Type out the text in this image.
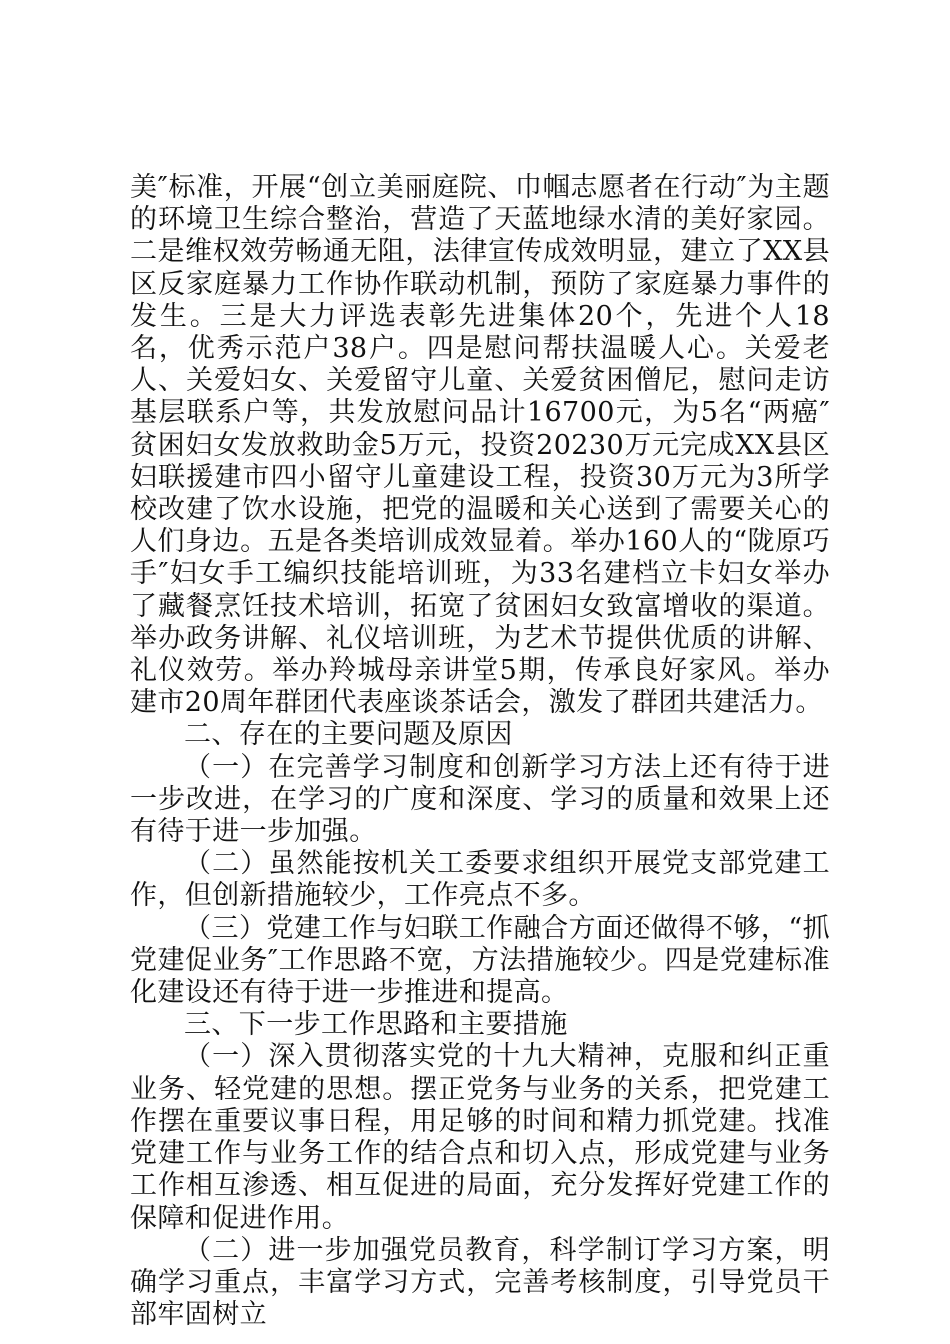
美″标准，开展“创立美丽庭院、巾帼志愿者在行动″为主题的环境卫生综合整治，营造了天蓝地绿水清的美好家园。二是维权效劳畅通无阻，法律宣传成效明显，建立了XX县区反家庭暴力工作协作联动机制，预防了家庭暴力事件的发生。三是大力评选表彰先进集体20个，先进个人18名，优秀示范户38户。四是慰问帮扶温暖人心。关爱老人、关爱妇女、关爱留守儿童、关爱贫困僧尼，慰问走访基层联系户等，共发放慰问品计16700元，为5名“两癌″贫困妇女发放救助金5万元，投资20230万元完成XX县区妇联援建市四小留守儿童建设工程，投资30万元为3所学校改建了饮水设施，把党的温暖和关心送到了需要关心的人们身边。五是各类培训成效显着。举办160人的“陇原巧手″妇女手工编织技能培训班，为33名建档立卡妇女举办了藏餐烹饪技术培训，拓宽了贫困妇女致富增收的渠道。举办政务讲解、礼仪培训班，为艺术节提供优质的讲解、礼仪效劳。举办羚城母亲讲堂5期，传承良好家风。举办建市20周年群团代表座谈茶话会，激发了群团共建活力。

二、存在的主要问题及原因

（一）在完善学习制度和创新学习方法上还有待于进一步改进，在学习的广度和深度、学习的质量和效果上还有待于进一步加强。

（二）虽然能按机关工委要求组织开展党支部党建工作，但创新措施较少，工作亮点不多。

（三）党建工作与妇联工作融合方面还做得不够，“抓党建促业务″工作思路不宽，方法措施较少。四是党建标准化建设还有待于进一步推进和提高。

三、下一步工作思路和主要措施

（一）深入贯彻落实党的十九大精神，克服和纠正重业务、轻党建的思想。摆正党务与业务的关系，把党建工作摆在重要议事日程，用足够的时间和精力抓党建。找准党建工作与业务工作的结合点和切入点，形成党建与业务工作相互渗透、相互促进的局面，充分发挥好党建工作的保障和促进作用。

（二）进一步加强党员教育，科学制订学习方案，明确学习重点，丰富学习方式，完善考核制度，引导党员干部牢固树立
